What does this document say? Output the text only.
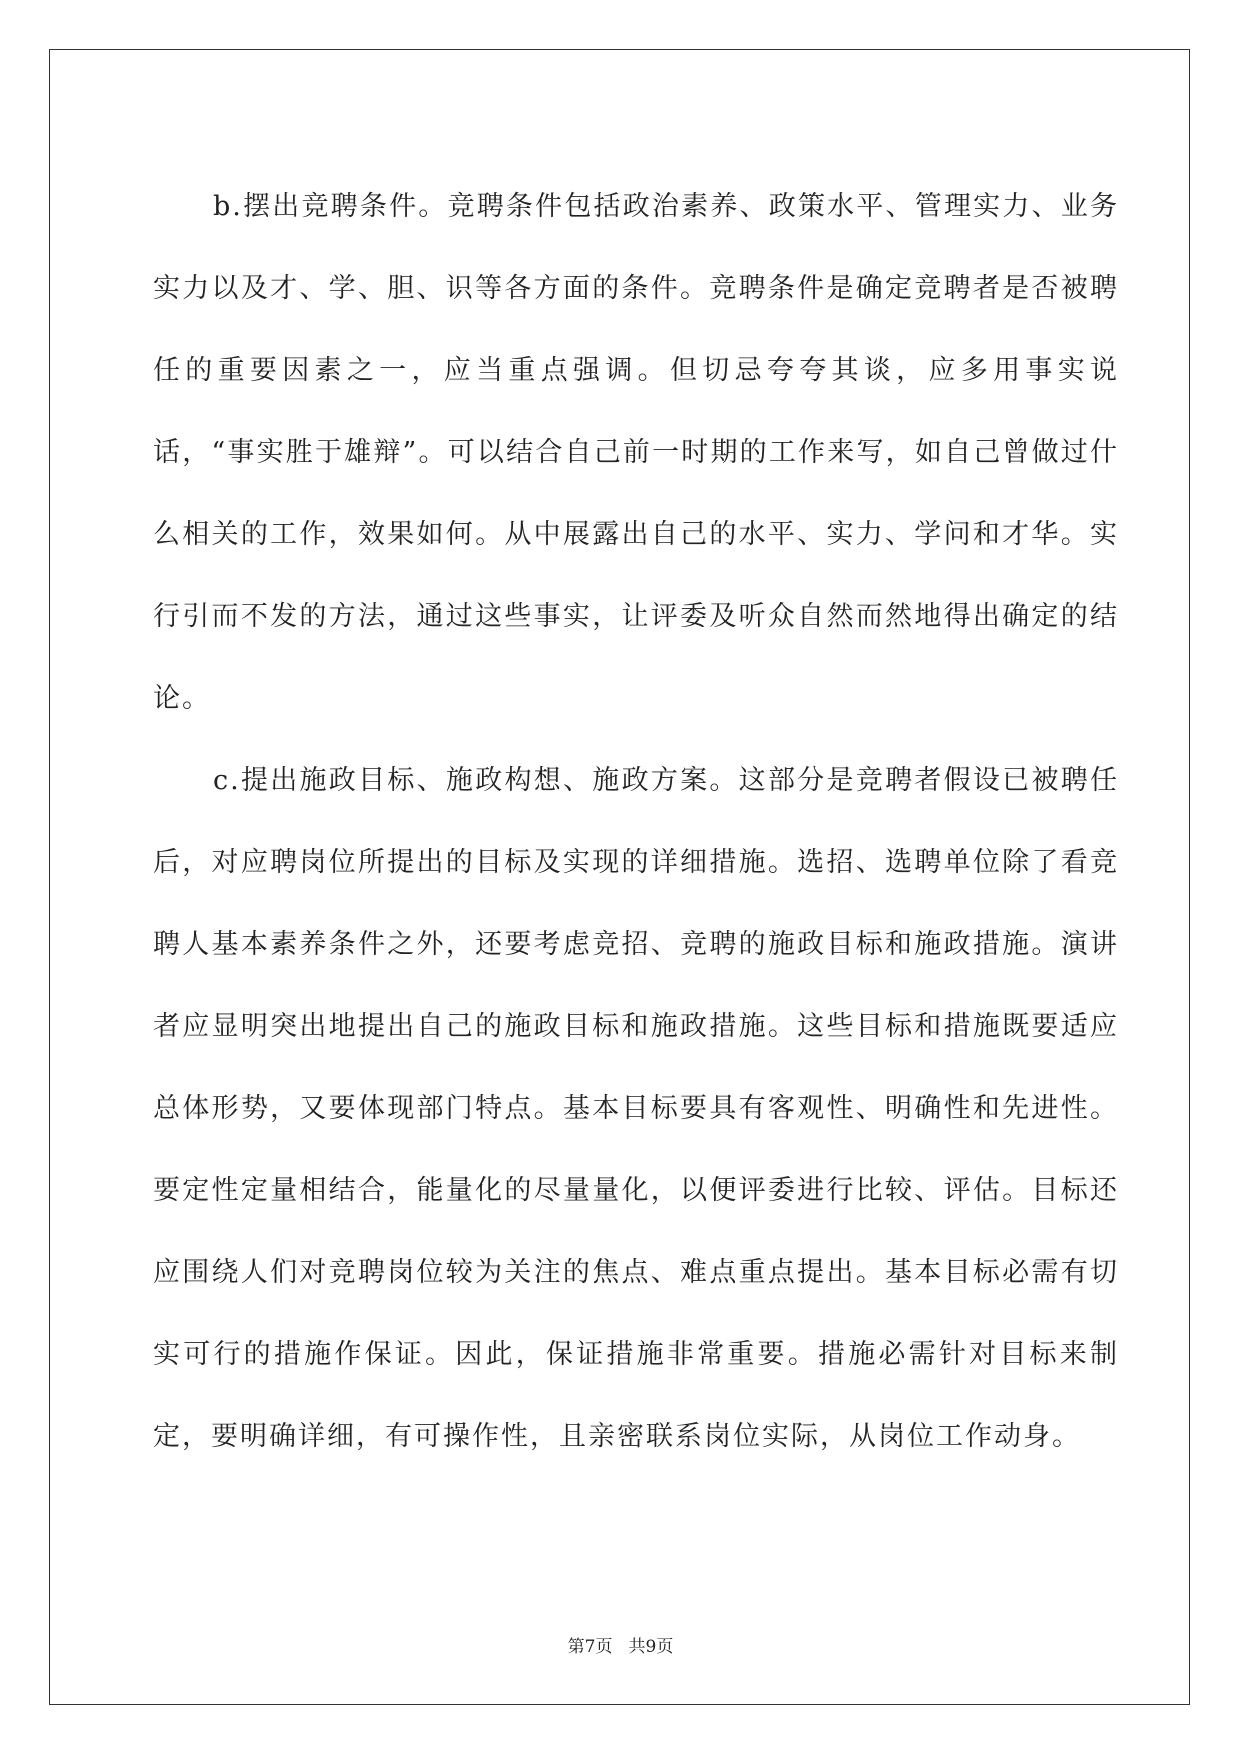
b.摆出竞聘条件。竞聘条件包括政治素养、政策水平、管理实力、业务实力以及才、学、胆、识等各方面的条件。竞聘条件是确定竞聘者是否被聘任的重要因素之一，应当重点强调。但切忌夸夸其谈，应多用事实说话，“事实胜于雄辩”。可以结合自己前一时期的工作来写，如自己曾做过什么相关的工作，效果如何。从中展露出自己的水平、实力、学问和才华。实行引而不发的方法，通过这些事实，让评委及听众自然而然地得出确定的结论。

c.提出施政目标、施政构想、施政方案。这部分是竞聘者假设已被聘任后，对应聘岗位所提出的目标及实现的详细措施。选招、选聘单位除了看竞聘人基本素养条件之外，还要考虑竞招、竞聘的施政目标和施政措施。演讲者应显明突出地提出自己的施政目标和施政措施。这些目标和措施既要适应总体形势，又要体现部门特点。基本目标要具有客观性、明确性和先进性。要定性定量相结合，能量化的尽量量化，以便评委进行比较、评估。目标还应围绕人们对竞聘岗位较为关注的焦点、难点重点提出。基本目标必需有切实可行的措施作保证。因此，保证措施非常重要。措施必需针对目标来制定，要明确详细，有可操作性，且亲密联系岗位实际，从岗位工作动身。

第7页 共9页
